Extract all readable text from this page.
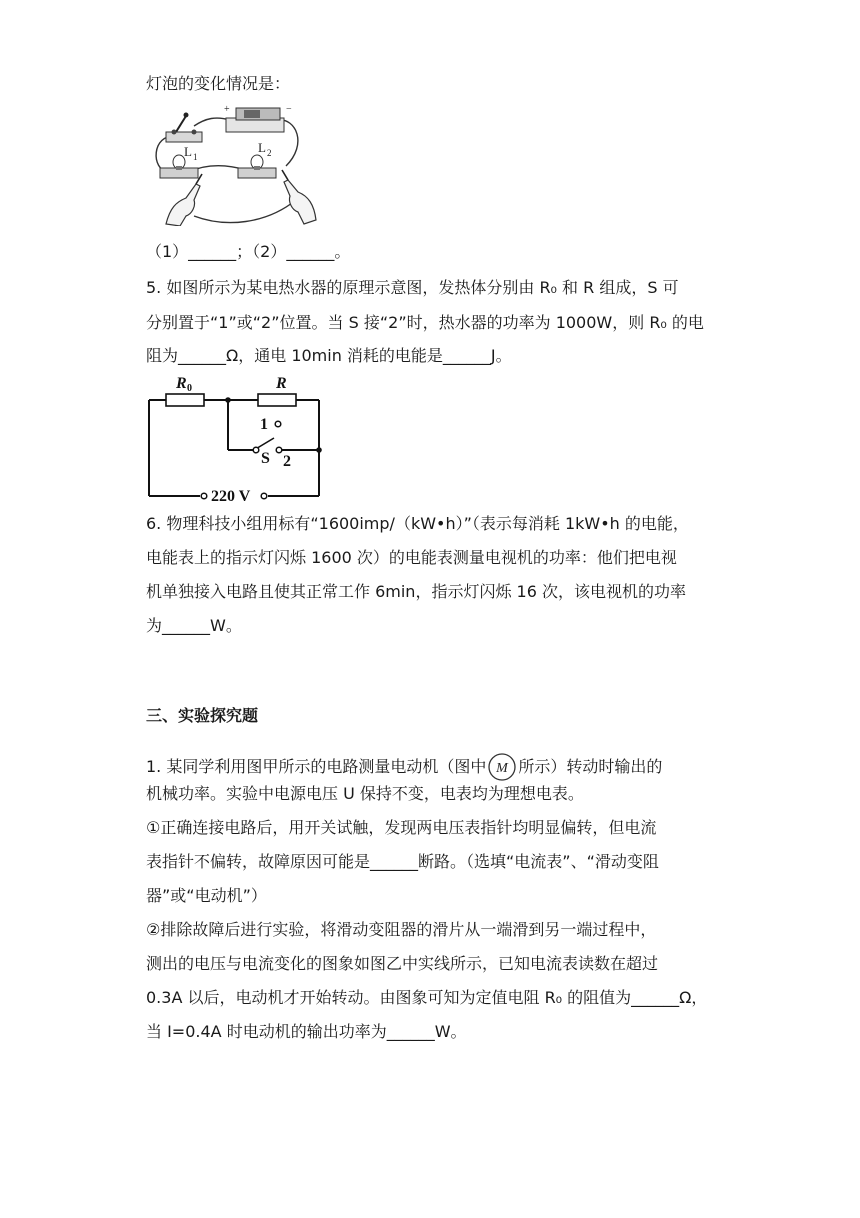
灯泡的变化情况是：
+	−
L 1
L 2
（1）______；（2）______。
5. 如图所示为某电热水器的原理示意图，发热体分别由 R₀ 和 R 组成，S 可
分别置于“1”或“2”位置。当 S 接“2”时，热水器的功率为 1000W，则 R₀ 的电
阻为______Ω，通电 10min 消耗的电能是______J。
R 0	R
1
S 2
220 V
6. 物理科技小组用标有“1600imp/（kW•h）”（表示每消耗 1kW•h 的电能，
电能表上的指示灯闪烁 1600 次）的电能表测量电视机的功率：他们把电视
机单独接入电路且使其正常工作 6min，指示灯闪烁 16 次，该电视机的功率
为______W。
三、实验探究题
1. 某同学利用图甲所示的电路测量电动机（图中 M 所示）转动时输出的
机械功率。实验中电源电压 U 保持不变，电表均为理想电表。
①正确连接电路后，用开关试触，发现两电压表指针均明显偏转，但电流
表指针不偏转，故障原因可能是______断路。（选填“电流表”、“滑动变阻
器”或“电动机”）
②排除故障后进行实验，将滑动变阻器的滑片从一端滑到另一端过程中，
测出的电压与电流变化的图象如图乙中实线所示，已知电流表读数在超过
0.3A 以后，电动机才开始转动。由图象可知为定值电阻 R₀ 的阻值为______Ω，
当 I=0.4A 时电动机的输出功率为______W。
